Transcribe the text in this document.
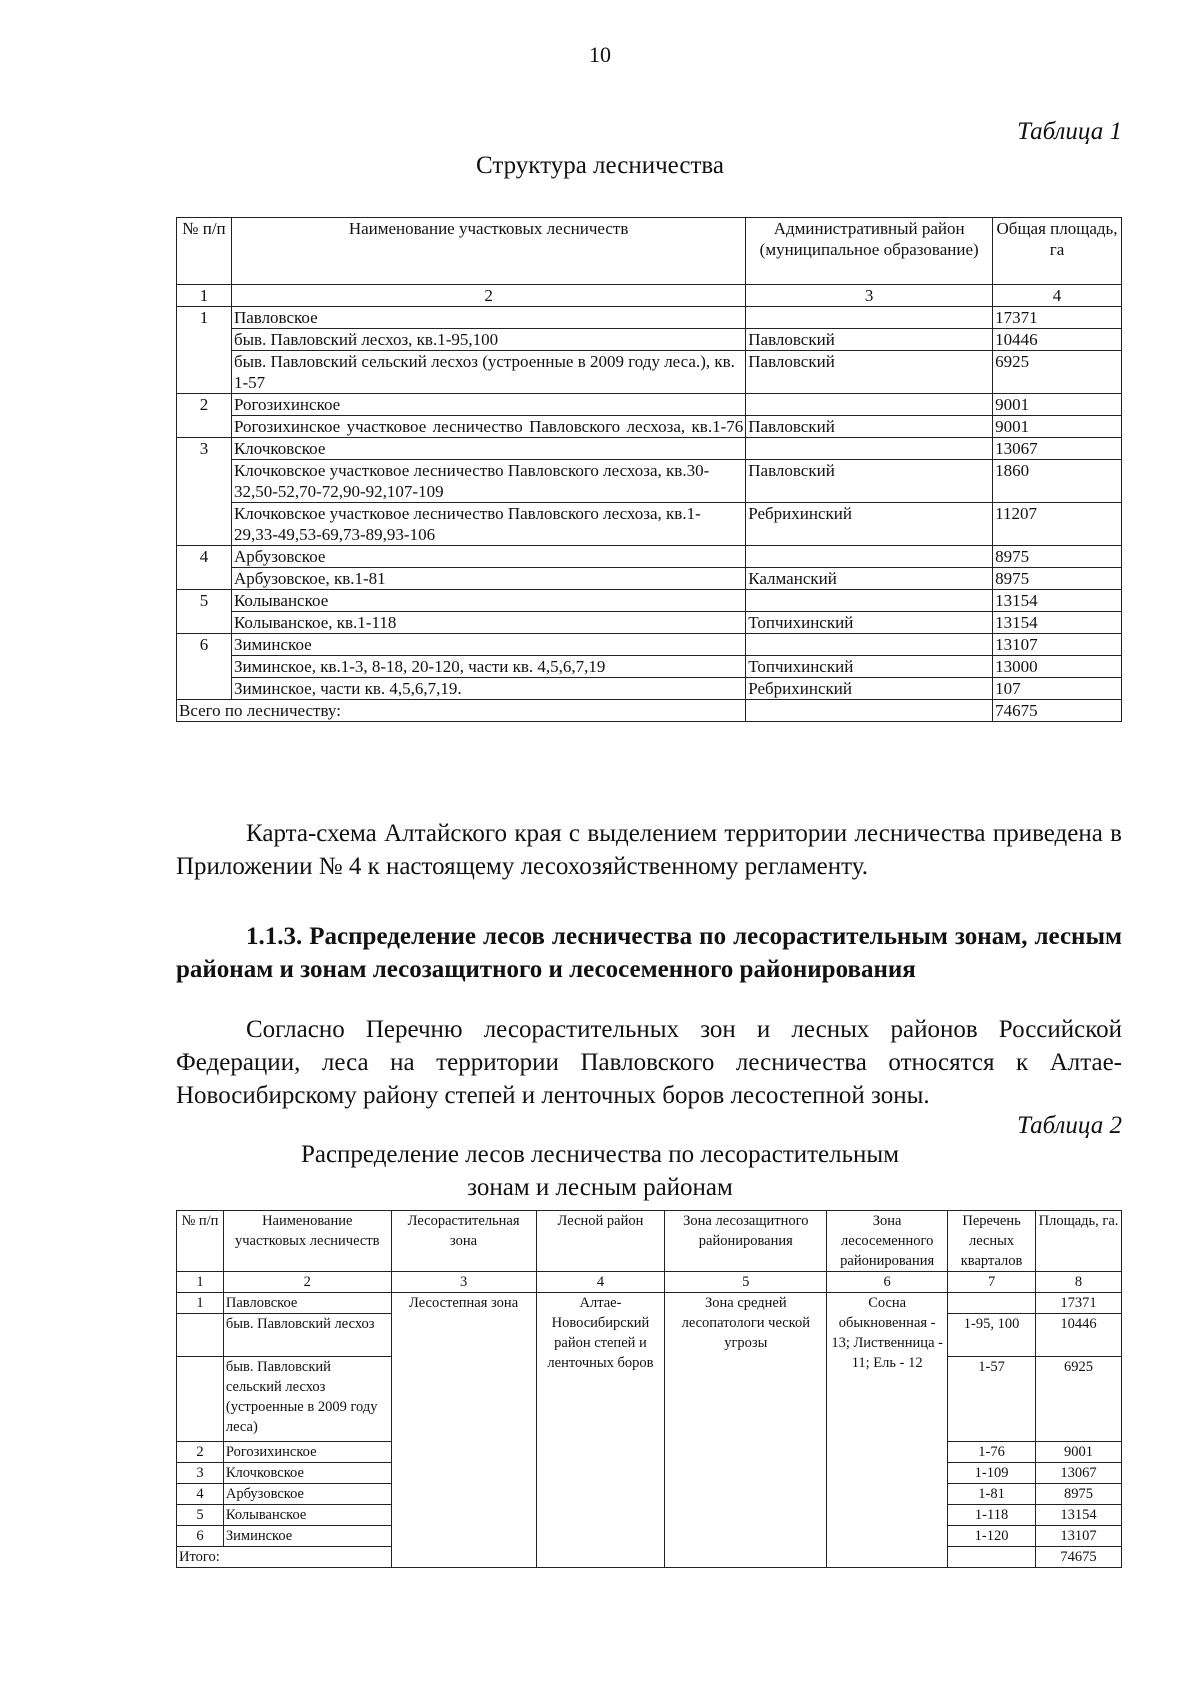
10
Таблица 1
Структура лесничества
№ п/п	Наименование участковых лесничеств	Административный район (муниципальное образование)	Общая площадь, га
1	2	3	4
1	Павловское		17371
	быв. Павловский лесхоз, кв.1-95,100	Павловский	10446
	быв. Павловский сельский лесхоз (устроенные в 2009 году леса.), кв. 1-57	Павловский	6925
2	Рогозихинское		9001
	Рогозихинское участковое лесничество Павловского лесхоза, кв.1-76	Павловский	9001
3	Клочковское		13067
	Клочковское участковое лесничество Павловского лесхоза, кв.30-32,50-52,70-72,90-92,107-109	Павловский	1860
	Клочковское участковое лесничество Павловского лесхоза, кв.1-29,33-49,53-69,73-89,93-106	Ребрихинский	11207
4	Арбузовское		8975
	Арбузовское, кв.1-81	Калманский	8975
5	Колыванское		13154
	Колыванское, кв.1-118	Топчихинский	13154
6	Зиминское		13107
	Зиминское, кв.1-3, 8-18, 20-120, части кв. 4,5,6,7,19	Топчихинский	13000
	Зиминское, части кв. 4,5,6,7,19.	Ребрихинский	107
Всего по лесничеству:			74675
Карта-схема Алтайского края с выделением территории лесничества приведена в Приложении № 4 к настоящему лесохозяйственному регламенту.
1.1.3. Распределение лесов лесничества по лесорастительным зонам, лесным районам и зонам лесозащитного и лесосеменного районирования
Согласно Перечню лесорастительных зон и лесных районов Российской Федерации, леса на территории Павловского лесничества относятся к Алтае-Новосибирскому району степей и ленточных боров лесостепной зоны.
Таблица 2
Распределение лесов лесничества по лесорастительным
зонам и лесным районам
№ п/п	Наименование участковых лесничеств	Лесорастительная зона	Лесной район	Зона лесозащитного районирования	Зона лесосеменного районирования	Перечень лесных кварталов	Площадь, га.
1	2	3	4	5	6	7	8
1	Павловское	Лесостепная зона	Алтае-Новосибирский район степей и ленточных боров	Зона средней лесопатологи ческой угрозы	Сосна обыкновенная - 13; Лиственница - 11; Ель - 12		17371
	быв. Павловский лесхоз					1-95, 100	10446
	быв. Павловский сельский лесхоз (устроенные в 2009 году леса)					1-57	6925
2	Рогозихинское					1-76	9001
3	Клочковское					1-109	13067
4	Арбузовское					1-81	8975
5	Колыванское					1-118	13154
6	Зиминское					1-120	13107
Итого:							74675
